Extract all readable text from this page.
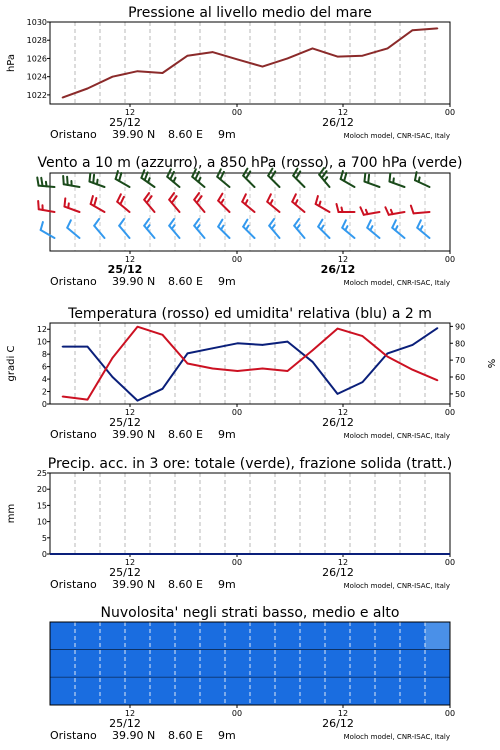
Pressione al livello medio del mare
12	00	12	00
25/12	26/12
Oristano 39.90 N 8.60 E 9m	Moloch model, CNR-ISAC, Italy
1022
1024
1026
1028
1030
hPa
Vento a 10 m (azzurro), a 850 hPa (rosso), a 700 hPa (verde)
12	00	12	00
25/12	26/12
Oristano 39.90 N 8.60 E 9m	Moloch model, CNR-ISAC, Italy
Temperatura (rosso) ed umidita' relativa (blu) a 2 m
12	00	12	00
25/12	26/12
Oristano 39.90 N 8.60 E 9m	Moloch model, CNR-ISAC, Italy
0
2
4
6
8
10
12
50
60
70
80
90
gradi C	%
Precip. acc. in 3 ore: totale (verde), frazione solida (tratt.)
12	00	12	00
25/12	26/12
Oristano 39.90 N 8.60 E 9m	Moloch model, CNR-ISAC, Italy
0
5
10
15
20
25
mm
Nuvolosita' negli strati basso, medio e alto
12	00	12	00
25/12	26/12
Oristano 39.90 N 8.60 E 9m	Moloch model, CNR-ISAC, Italy
